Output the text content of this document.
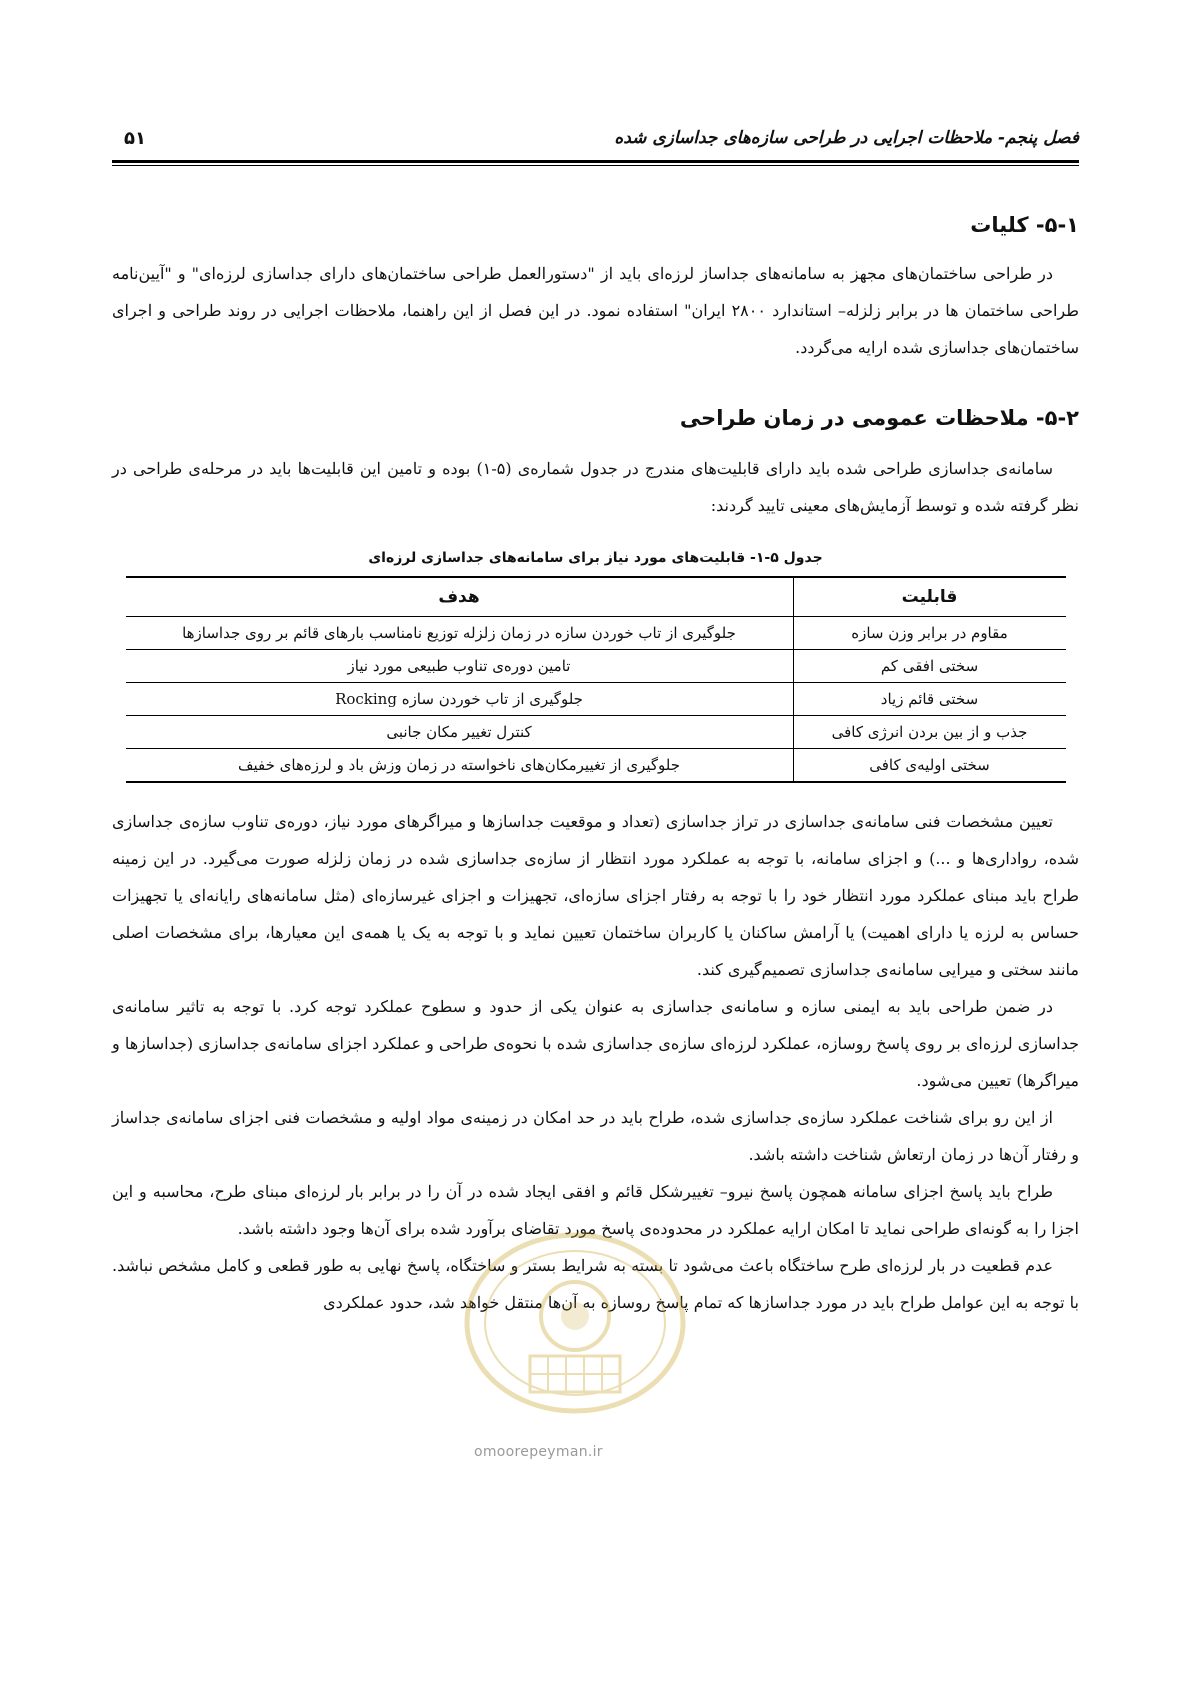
فصل پنجم- ملاحظات اجرایی در طراحی سازه‌های جداسازی شده
۵۱
۵-۱- کلیات

در طراحی ساختمان‌های مجهز به سامانه‌های جداساز لرزه‌ای باید از "دستورالعمل طراحی ساختمان‌های دارای جداسازی لرزه‌ای" و "آیین‌نامه طراحی ساختمان ها در برابر زلزله– استاندارد ۲۸۰۰ ایران" استفاده نمود. در این فصل از این راهنما، ملاحظات اجرایی در روند طراحی و اجرای ساختمان‌های جداسازی شده ارایه می‌گردد.

۵-۲- ملاحظات عمومی در زمان طراحی

سامانه‌ی جداسازی طراحی شده باید دارای قابلیت‌های مندرج در جدول شماره‌ی (۵-۱) بوده و تامین این قابلیت‌ها باید در مرحله‌ی طراحی در نظر گرفته شده و توسط آزمایش‌های معینی تایید گردند:

جدول ۵-۱- قابلیت‌های مورد نیاز برای سامانه‌های جداسازی لرزه‌ای

قابلیت	هدف
مقاوم در برابر وزن سازه	جلوگیری از تاب خوردن سازه در زمان زلزله توزیع نامناسب بارهای قائم بر روی جداسازها
سختی افقی کم	تامین دوره‌ی تناوب طبیعی مورد نیاز
سختی قائم زیاد	جلوگیری از تاب خوردن سازه Rocking
جذب و از بین بردن انرژی کافی	کنترل تغییر مکان جانبی
سختی اولیه‌ی کافی	جلوگیری از تغییرمکان‌های ناخواسته در زمان وزش باد و لرزه‌های خفیف

تعیین مشخصات فنی سامانه‌ی جداسازی در تراز جداسازی (تعداد و موقعیت جداسازها و میراگرهای مورد نیاز، دوره‌ی تناوب سازه‌ی جداسازی شده، رواداری‌ها و ...) و اجزای سامانه، با توجه به عملکرد مورد انتظار از سازه‌ی جداسازی شده در زمان زلزله صورت می‌گیرد. در این زمینه طراح باید مبنای عملکرد مورد انتظار خود را با توجه به رفتار اجزای سازه‌ای، تجهیزات و اجزای غیرسازه‌ای (مثل سامانه‌های رایانه‌ای یا تجهیزات حساس به لرزه یا دارای اهمیت) یا آرامش ساکنان یا کاربران ساختمان تعیین نماید و با توجه به یک یا همه‌ی این معیارها، برای مشخصات اصلی مانند سختی و میرایی سامانه‌ی جداسازی تصمیم‌گیری کند.

در ضمن طراحی باید به ایمنی سازه و سامانه‌ی جداسازی به عنوان یکی از حدود و سطوح عملکرد توجه کرد. با توجه به تاثیر سامانه‌ی جداسازی لرزه‌ای بر روی پاسخ روسازه، عملکرد لرزه‌ای سازه‌ی جداسازی شده با نحوه‌ی طراحی و عملکرد اجزای سامانه‌ی جداسازی (جداسازها و میراگرها) تعیین می‌شود.

از این رو برای شناخت عملکرد سازه‌ی جداسازی شده، طراح باید در حد امکان در زمینه‌ی مواد اولیه و مشخصات فنی اجزای سامانه‌ی جداساز و رفتار آن‌ها در زمان ارتعاش شناخت داشته باشد.

طراح باید پاسخ اجزای سامانه همچون پاسخ نیرو– تغییرشکل قائم و افقی ایجاد شده در آن را در برابر بار لرزه‌ای مبنای طرح، محاسبه و این اجزا را به گونه‌ای طراحی نماید تا امکان ارایه عملکرد در محدوده‌ی پاسخ مورد تقاضای برآورد شده برای آن‌ها وجود داشته باشد.

عدم قطعیت در بار لرزه‌ای طرح ساختگاه باعث می‌شود تا بسته به شرایط بستر و ساختگاه، پاسخ نهایی به طور قطعی و کامل مشخص نباشد. با توجه به این عوامل طراح باید در مورد جداسازها که تمام پاسخ روسازه به آن‌ها منتقل خواهد شد، حدود عملکردی

omoorepeyman.ir
